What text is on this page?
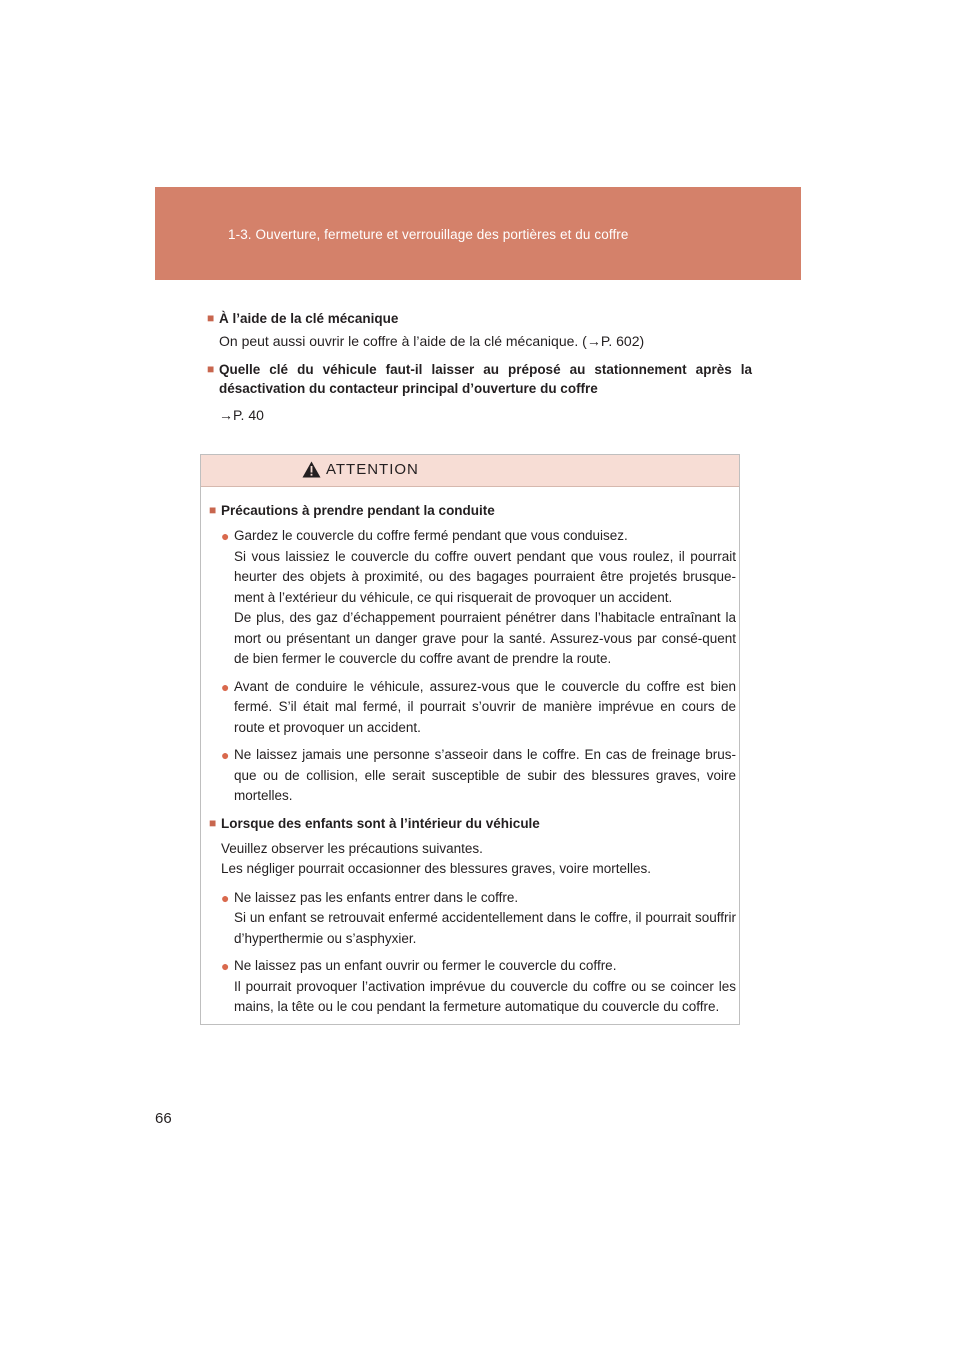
1-3. Ouverture, fermeture et verrouillage des portières et du coffre
■ À l’aide de la clé mécanique
On peut aussi ouvrir le coffre à l’aide de la clé mécanique. (→P. 602)
■ Quelle clé du véhicule faut-il laisser au préposé au stationnement après la désactivation du contacteur principal d’ouverture du coffre
→P. 40
ATTENTION
■ Précautions à prendre pendant la conduite
● Gardez le couvercle du coffre fermé pendant que vous conduisez.
Si vous laissiez le couvercle du coffre ouvert pendant que vous roulez, il pourrait heurter des objets à proximité, ou des bagages pourraient être projetés brusque-ment à l’extérieur du véhicule, ce qui risquerait de provoquer un accident.
De plus, des gaz d’échappement pourraient pénétrer dans l’habitacle entraînant la mort ou présentant un danger grave pour la santé. Assurez-vous par consé-quent de bien fermer le couvercle du coffre avant de prendre la route.
● Avant de conduire le véhicule, assurez-vous que le couvercle du coffre est bien fermé. S’il était mal fermé, il pourrait s’ouvrir de manière imprévue en cours de route et provoquer un accident.
● Ne laissez jamais une personne s’asseoir dans le coffre. En cas de freinage brus-que ou de collision, elle serait susceptible de subir des blessures graves, voire mortelles.
■ Lorsque des enfants sont à l’intérieur du véhicule
Veuillez observer les précautions suivantes.
Les négliger pourrait occasionner des blessures graves, voire mortelles.
● Ne laissez pas les enfants entrer dans le coffre.
Si un enfant se retrouvait enfermé accidentellement dans le coffre, il pourrait souffrir d’hyperthermie ou s’asphyxier.
● Ne laissez pas un enfant ouvrir ou fermer le couvercle du coffre.
Il pourrait provoquer l’activation imprévue du couvercle du coffre ou se coincer les mains, la tête ou le cou pendant la fermeture automatique du couvercle du coffre.
66
